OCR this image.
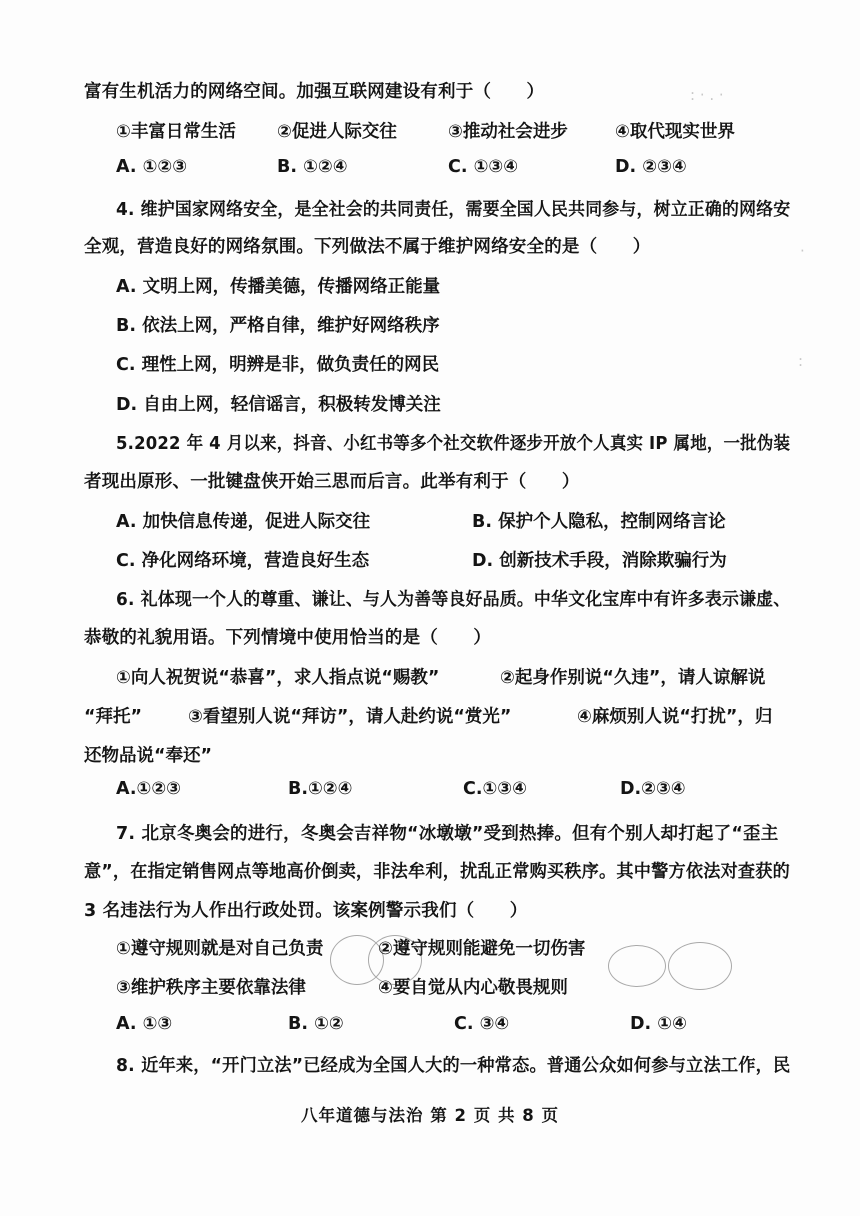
: · . ·
·
:
富有生机活力的网络空间。加强互联网建设有利于（　　）
①丰富日常生活 ②促进人际交往	③推动社会进步	④取代现实世界
A. ①②③	B. ①②④	C. ①③④	D. ②③④
4. 维护国家网络安全，是全社会的共同责任，需要全国人民共同参与，树立正确的网络安
全观，营造良好的网络氛围。下列做法不属于维护网络安全的是（　　）
A. 文明上网，传播美德，传播网络正能量
B. 依法上网，严格自律，维护好网络秩序
C. 理性上网，明辨是非，做负责任的网民
D. 自由上网，轻信谣言，积极转发博关注
5.2022 年 4 月以来，抖音、小红书等多个社交软件逐步开放个人真实 IP 属地，一批伪装
者现出原形、一批键盘侠开始三思而后言。此举有利于（　　）
A. 加快信息传递，促进人际交往	B. 保护个人隐私，控制网络言论
C. 净化网络环境，营造良好生态	D. 创新技术手段，消除欺骗行为
6. 礼体现一个人的尊重、谦让、与人为善等良好品质。中华文化宝库中有许多表示谦虚、
恭敬的礼貌用语。下列情境中使用恰当的是（　　）
①向人祝贺说“恭喜”，求人指点说“赐教”	②起身作别说“久违”，请人谅解说
“拜托”	③看望别人说“拜访”，请人赴约说“赏光”	④麻烦别人说“打扰”，归
还物品说“奉还”
A.①②③	B.①②④	C.①③④	D.②③④
7. 北京冬奥会的进行，冬奥会吉祥物“冰墩墩”受到热捧。但有个别人却打起了“歪主
意”，在指定销售网点等地高价倒卖，非法牟利，扰乱正常购买秩序。其中警方依法对查获的
3 名违法行为人作出行政处罚。该案例警示我们（　　）
①遵守规则就是对自己负责	②遵守规则能避免一切伤害
③维护秩序主要依靠法律	④要自觉从内心敬畏规则
A. ①③	B. ①②	C. ③④	D. ①④
8. 近年来，“开门立法”已经成为全国人大的一种常态。普通公众如何参与立法工作，民
八年道德与法治 第 2 页 共 8 页
